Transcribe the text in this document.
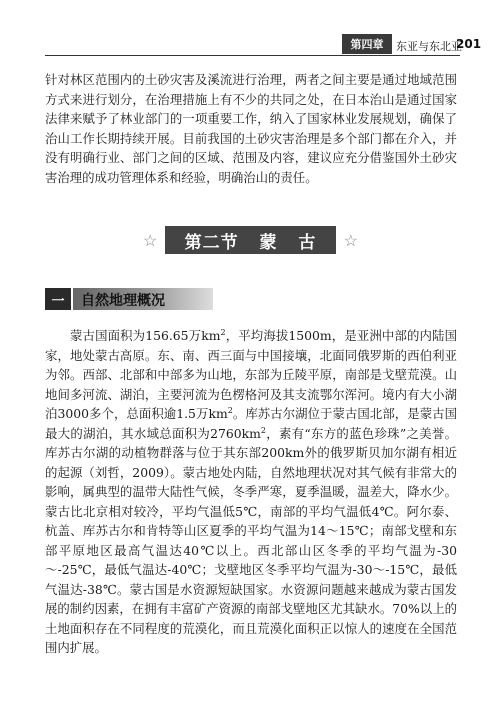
第四章	东亚与东北亚
201

针对林区范围内的土砂灾害及溪流进行治理，两者之间主要是通过地域范围方式来进行划分，在治理措施上有不少的共同之处，在日本治山是通过国家法律来赋予了林业部门的一项重要工作，纳入了国家林业发展规划，确保了治山工作长期持续开展。目前我国的土砂灾害治理是多个部门都在介入，并没有明确行业、部门之间的区域、范围及内容，建议应充分借鉴国外土砂灾害治理的成功管理体系和经验，明确治山的责任。

☆ 第二节 蒙 古 ☆
一	自然地理概况

蒙古国面积为156.65万$km^2$，平均海拔1500m，是亚洲中部的内陆国家，地处蒙古高原。东、南、西三面与中国接壤，北面同俄罗斯的西伯利亚为邻。西部、北部和中部多为山地，东部为丘陵平原，南部是戈壁荒漠。山地间多河流、湖泊，主要河流为色楞格河及其支流鄂尔浑河。境内有大小湖泊3000多个，总面积逾1.5万$km^2$。库苏古尔湖位于蒙古国北部，是蒙古国最大的湖泊，其水域总面积为$2760km^2$，素有“东方的蓝色珍珠”之美誉。库苏古尔湖的动植物群落与位于其东部200km外的俄罗斯贝加尔湖有相近的起源（刘哲，2009）。蒙古地处内陆，自然地理状况对其气候有非常大的影响，属典型的温带大陆性气候，冬季严寒，夏季温暖，温差大，降水少。蒙古比北京相对较冷，平均气温低5℃，南部的平均气温低4℃。阿尔泰、杭盖、库苏古尔和肯特等山区夏季的平均气温为14～15℃；南部戈壁和东部平原地区最高气温达40℃以上。西北部山区冬季的平均气温为-30～-25℃，最低气温达-40℃；戈壁地区冬季平均气温为-30～-15℃，最低气温达-38℃。蒙古国是水资源短缺国家。水资源问题越来越成为蒙古国发展的制约因素，在拥有丰富矿产资源的南部戈壁地区尤其缺水。70%以上的土地面积存在不同程度的荒漠化，而且荒漠化面积正以惊人的速度在全国范围内扩展。
